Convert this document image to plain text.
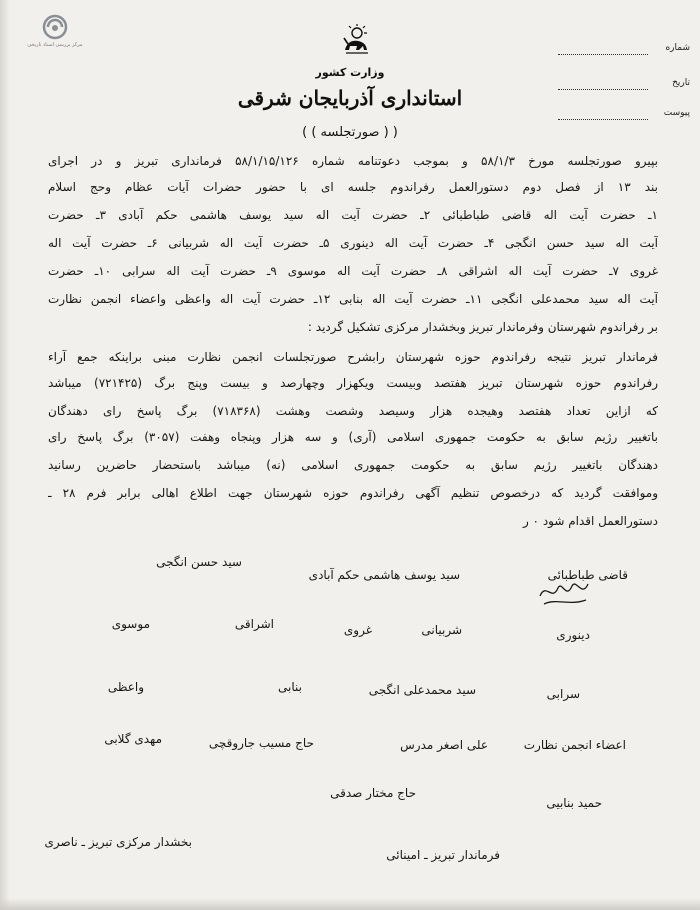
مرکز بررسی اسناد تاریخی	شماره
تاریخ
پیوست
وزارت کشور
استانداری آذربایجان شرقی
( ( صورتجلسه ) )
بپیرو صورتجلسه مورخ ۵۸/۱/۳ و بموجب دعوتنامه شماره ۵۸/۱/۱۵/۱۲۶ فرمانداری تبریز و در اجرای
بند ۱۳ از فصل دوم دستورالعمل رفراندوم جلسه ای با حضور حضرات آیات عظام وحج اسلام
۱ـ حضرت آیت اله قاضی طباطبائی ۲ـ حضرت آیت اله سید یوسف هاشمی حکم آبادی ۳ـ حضرت
آیت اله سید حسن انگجی ۴ـ حضرت آیت اله دینوری ۵ـ حضرت آیت اله شربیانی ۶ـ حضرت آیت اله
غروی ۷ـ حضرت آیت اله اشراقی ۸ـ حضرت آیت اله موسوی ۹ـ حضرت آیت اله سرابی ۱۰ـ حضرت
آیت اله سید محمدعلی انگجی ۱۱ـ حضرت آیت اله بنابی ۱۲ـ حضرت آیت اله واعظی واعضاء انجمن نظارت
بر رفراندوم شهرستان وفرماندار تبریز وبخشدار مرکزی تشکیل گردید :
فرماندار تبریز نتیجه رفراندوم حوزه شهرستان رابشرح صورتجلسات انجمن نظارت مبنی براینکه جمع آراء
رفراندوم حوزه شهرستان تبریز هفتصد وبیست ویکهزار وچهارصد و بیست وپنج برگ (۷۲۱۴۲۵) میباشد
که ازاین تعداد هفتصد وهیجده هزار وسیصد وشصت وهشت (۷۱۸۳۶۸) برگ پاسخ رای دهندگان
باتغییر رژیم سابق به حکومت جمهوری اسلامی (آری) و سه هزار وپنجاه وهفت (۳۰۵۷) برگ پاسخ رای
دهندگان باتغییر رژیم سابق به حکومت جمهوری اسلامی (نه) میباشد باستحضار حاضرین رسانید
وموافقت گردید که درخصوص تنظیم آگهی رفراندوم حوزه شهرستان جهت اطلاع اهالی برابر فرم ۲۸ ـ
دستورالعمل اقدام شود ٠ ر
قاضی طباطبائی
سید یوسف هاشمی حکم آبادی
سید حسن انگجی
دینوری
شربیانی
غروی
اشراقی
موسوی
سرابی
سید محمدعلی انگجی
بنابی
واعظی
اعضاء انجمن نظارت
علی اصغر مدرس
حاج مسیب جاروقچی
مهدی گلابی
حمید بنابیی
حاج مختار صدقی
فرماندار تبریز ـ امینائی
بخشدار مرکزی تبریز ـ ناصری
